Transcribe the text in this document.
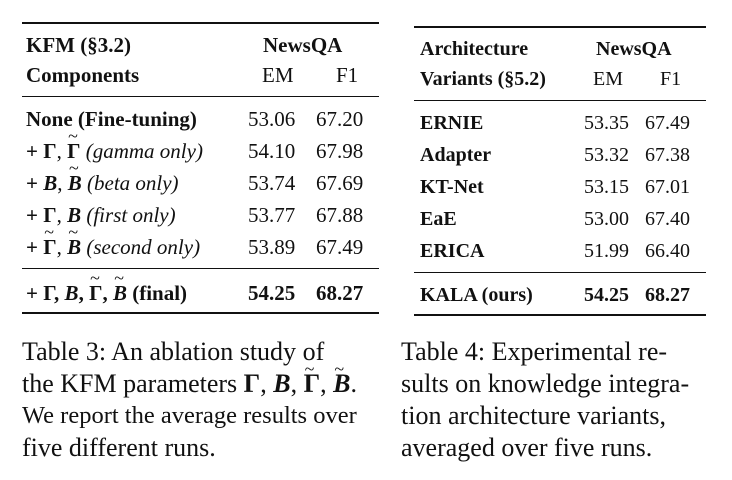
KFM (§3.2)
Components
NewsQA
EM F1
None (Fine-tuning) 53.06 67.20
+ Γ, ~ Γ (gamma only) 54.10 67.98
+ B, ~ B (beta only)	53.74 67.69
+ Γ, B (first only)	53.77 67.88
+ ~ Γ, ~ B (second only) 53.89 67.49
+ Γ, B, ~ Γ, ~ B (final)	54.25 68.27
Architecture
Variants (§5.2)
NewsQA
EM F1
ERNIE	53.35 67.49
Adapter	53.32 67.38
KT-Net	53.15 67.01
EaE	53.00 67.40
ERICA	51.99 66.40
KALA (ours)	54.25 68.27
Table 3: An ablation study of
the KFM parameters Γ, B, ~ Γ, ~ B.
We report the average results over
five different runs.
Table 4: Experimental re-
sults on knowledge integra-
tion architecture variants,
averaged over five runs.
